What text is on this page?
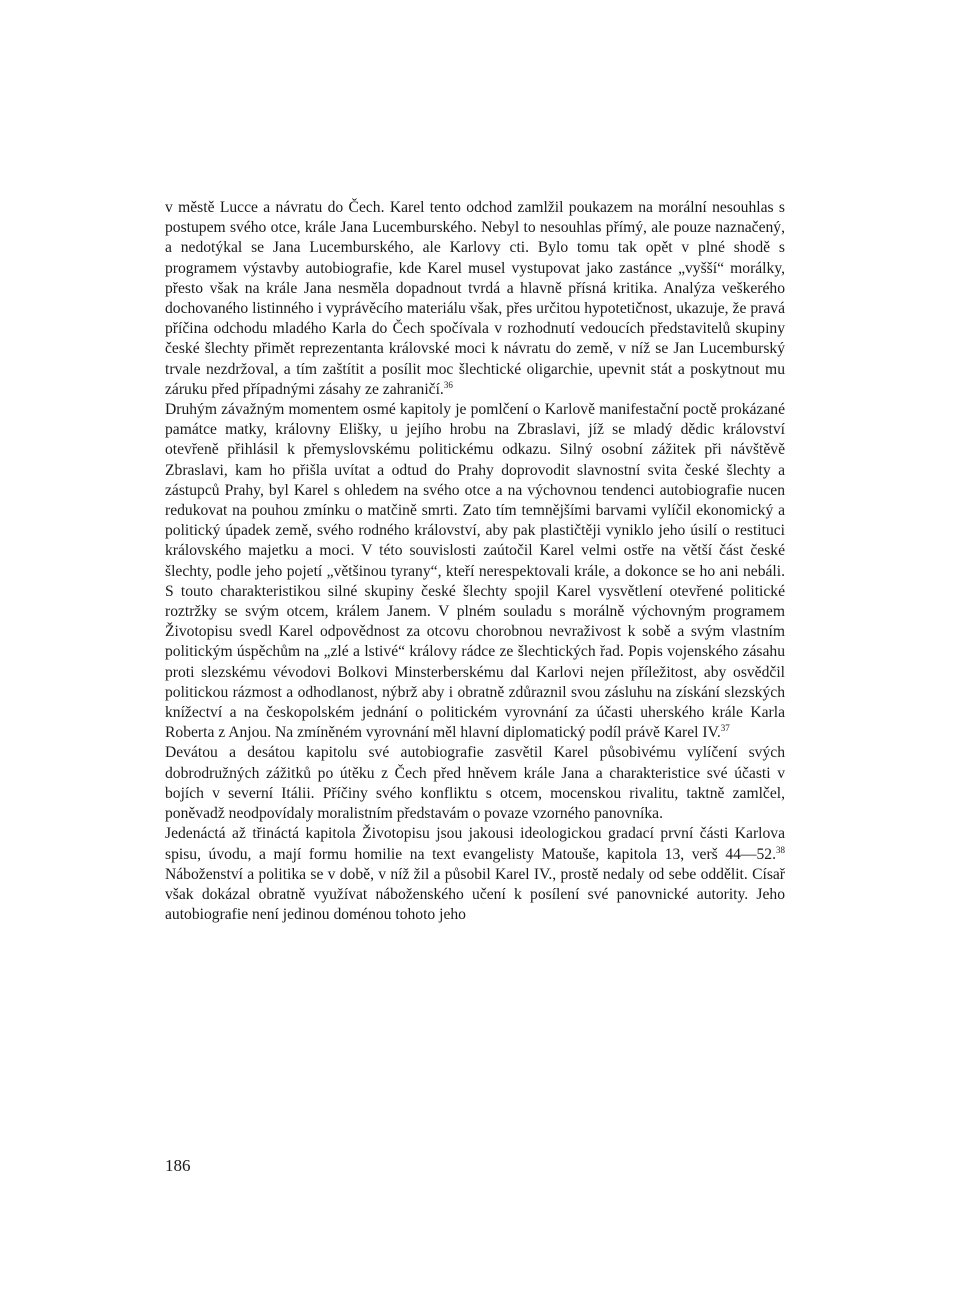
v městě Lucce a návratu do Čech. Karel tento odchod zamlžil poukazem na morální nesouhlas s postupem svého otce, krále Jana Lucemburského. Nebyl to nesouhlas přímý, ale pouze naznačený, a nedotýkal se Jana Lucemburského, ale Karlovy cti. Bylo tomu tak opět v plné shodě s programem výstavby autobiografie, kde Karel musel vystupovat jako zastánce „vyšší“ morálky, přesto však na krále Jana nesměla dopadnout tvrdá a hlavně přísná kritika. Analýza veškerého dochovaného listinného i vyprávěcího materiálu však, přes určitou hypotetičnost, ukazuje, že pravá příčina odchodu mladého Karla do Čech spočívala v rozhodnutí vedoucích představitelů skupiny české šlechty přimět reprezentanta královské moci k návratu do země, v níž se Jan Lucemburský trvale nezdržoval, a tím zaštítit a posílit moc šlechtické oligarchie, upevnit stát a poskytnout mu záruku před případnými zásahy ze zahraničí.$^{36}$

Druhým závažným momentem osmé kapitoly je pomlčení o Karlově manifestační poctě prokázané památce matky, královny Elišky, u jejího hrobu na Zbraslavi, jíž se mladý dědic království otevřeně přihlásil k přemyslovskému politickému odkazu. Silný osobní zážitek při návštěvě Zbraslavi, kam ho přišla uvítat a odtud do Prahy doprovodit slavnostní svita české šlechty a zástupců Prahy, byl Karel s ohledem na svého otce a na výchovnou tendenci autobiografie nucen redukovat na pouhou zmínku o matčině smrti. Zato tím temnějšími barvami vylíčil ekonomický a politický úpadek země, svého rodného království, aby pak plastičtěji vyniklo jeho úsilí o restituci královského majetku a moci. V této souvislosti zaútočil Karel velmi ostře na větší část české šlechty, podle jeho pojetí „většinou tyrany“, kteří nerespektovali krále, a dokonce se ho ani nebáli. S touto charakteristikou silné skupiny české šlechty spojil Karel vysvětlení otevřené politické roztržky se svým otcem, králem Janem. V plném souladu s morálně výchovným programem Životopisu svedl Karel odpovědnost za otcovu chorobnou nevraživost k sobě a svým vlastním politickým úspěchům na „zlé a lstivé“ královy rádce ze šlechtických řad. Popis vojenského zásahu proti slezskému vévodovi Bolkovi Minsterberskému dal Karlovi nejen příležitost, aby osvědčil politickou rázmost a odhodlanost, nýbrž aby i obratně zdůraznil svou zásluhu na získání slezských knížectví a na českopolském jednání o politickém vyrovnání za účasti uherského krále Karla Roberta z Anjou. Na zmíněném vyrovnání měl hlavní diplomatický podíl právě Karel IV.$^{37}$

Devátou a desátou kapitolu své autobiografie zasvětil Karel působivému vylíčení svých dobrodružných zážitků po útěku z Čech před hněvem krále Jana a charakteristice své účasti v bojích v severní Itálii. Příčiny svého konfliktu s otcem, mocenskou rivalitu, taktně zamlčel, poněvadž neodpovídaly moralistním představám o povaze vzorného panovníka.

Jedenáctá až třináctá kapitola Životopisu jsou jakousi ideologickou gradací první části Karlova spisu, úvodu, a mají formu homilie na text evangelisty Matouše, kapitola 13, verš 44—52.38 Náboženství a politika se v době, v níž žil a působil Karel IV., prostě nedaly od sebe oddělit. Císař však dokázal obratně využívat náboženského učení k posílení své panovnické autority. Jeho autobiografie není jedinou doménou tohoto jeho

186
